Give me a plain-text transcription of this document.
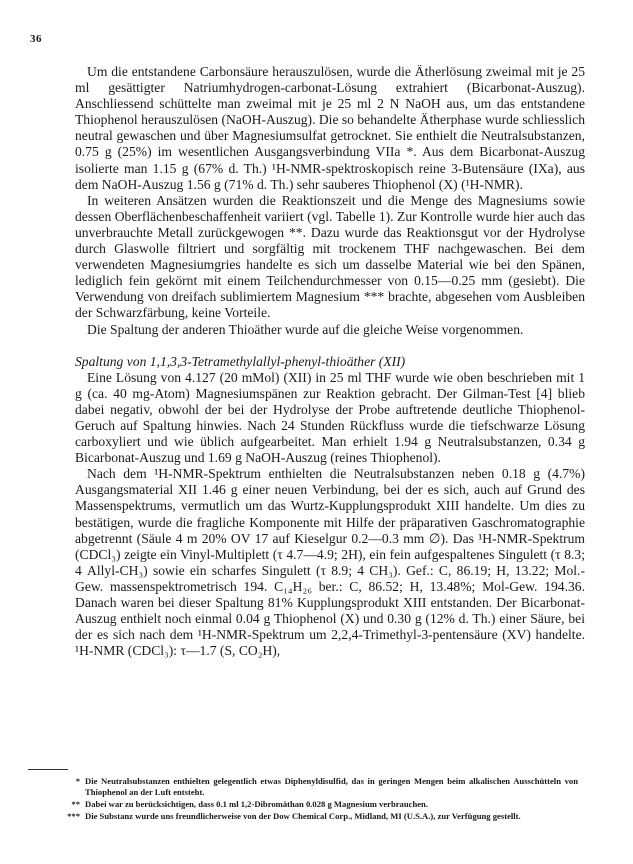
36

Um die entstandene Carbonsäure herauszulösen, wurde die Ätherlösung zweimal mit je 25 ml gesättigter Natriumhydrogen-carbonat-Lösung extrahiert (Bicarbonat-Auszug). Anschliessend schüttelte man zweimal mit je 25 ml 2 N NaOH aus, um das entstandene Thiophenol herauszulösen (NaOH-Auszug). Die so behandelte Ätherphase wurde schliesslich neutral gewaschen und über Magnesiumsulfat getrocknet. Sie enthielt die Neutralsubstanzen, 0.75 g (25%) im wesentlichen Ausgangsverbindung VIIa *. Aus dem Bicarbonat-Auszug isolierte man 1.15 g (67% d. Th.) ¹H-NMR-spektroskopisch reine 3-Butensäure (IXa), aus dem NaOH-Auszug 1.56 g (71% d. Th.) sehr sauberes Thiophenol (X) (¹H-NMR).

In weiteren Ansätzen wurden die Reaktionszeit und die Menge des Magnesiums sowie dessen Oberflächenbeschaffenheit variiert (vgl. Tabelle 1). Zur Kontrolle wurde hier auch das unverbrauchte Metall zurückgewogen **. Dazu wurde das Reaktionsgut vor der Hydrolyse durch Glaswolle filtriert und sorgfältig mit trockenem THF nachgewaschen. Bei dem verwendeten Magnesiumgries handelte es sich um dasselbe Material wie bei den Spänen, lediglich fein gekörnt mit einem Teilchendurchmesser von 0.15—0.25 mm (gesiebt). Die Verwendung von dreifach sublimiertem Magnesium *** brachte, abgesehen vom Ausbleiben der Schwarzfärbung, keine Vorteile.

Die Spaltung der anderen Thioäther wurde auf die gleiche Weise vorgenommen.

Spaltung von 1,1,3,3-Tetramethylallyl-phenyl-thioäther (XII)

Eine Lösung von 4.127 (20 mMol) (XII) in 25 ml THF wurde wie oben beschrieben mit 1 g (ca. 40 mg-Atom) Magnesiumspänen zur Reaktion gebracht. Der Gilman-Test [4] blieb dabei negativ, obwohl der bei der Hydrolyse der Probe auftretende deutliche Thiophenol-Geruch auf Spaltung hinwies. Nach 24 Stunden Rückfluss wurde die tiefschwarze Lösung carboxyliert und wie üblich aufgearbeitet. Man erhielt 1.94 g Neutralsubstanzen, 0.34 g Bicarbonat-Auszug und 1.69 g NaOH-Auszug (reines Thiophenol).

Nach dem ¹H-NMR-Spektrum enthielten die Neutralsubstanzen neben 0.18 g (4.7%) Ausgangsmaterial XII 1.46 g einer neuen Verbindung, bei der es sich, auch auf Grund des Massenspektrums, vermutlich um das Wurtz-Kupplungsprodukt XIII handelte. Um dies zu bestätigen, wurde die fragliche Komponente mit Hilfe der präparativen Gaschromatographie abgetrennt (Säule 4 m 20% OV 17 auf Kieselgur 0.2—0.3 mm ∅). Das ¹H-NMR-Spektrum (CDCl₃) zeigte ein Vinyl-Multiplett (τ 4.7—4.9; 2H), ein fein aufgespaltenes Singulett (τ 8.3; 4 Allyl-CH₃) sowie ein scharfes Singulett (τ 8.9; 4 CH₃). Gef.: C, 86.19; H, 13.22; Mol.-Gew. massenspektrometrisch 194. C₁₄H₂₆ ber.: C, 86.52; H, 13.48%; Mol-Gew. 194.36. Danach waren bei dieser Spaltung 81% Kupplungsprodukt XIII entstanden. Der Bicarbonat-Auszug enthielt noch einmal 0.04 g Thiophenol (X) und 0.30 g (12% d. Th.) einer Säure, bei der es sich nach dem ¹H-NMR-Spektrum um 2,2,4-Trimethyl-3-pentensäure (XV) handelte. ¹H-NMR (CDCl₃): τ—1.7 (S, CO₂H),

* Die Neutralsubstanzen enthielten gelegentlich etwas Diphenyldisulfid, das in geringen Mengen beim alkalischen Ausschütteln von Thiophenol an der Luft entsteht.
** Dabei war zu berücksichtigen, dass 0.1 ml 1,2-Dibromäthan 0.028 g Magnesium verbrauchen.
*** Die Substanz wurde uns freundlicherweise von der Dow Chemical Corp., Midland, MI (U.S.A.), zur Verfügung gestellt.
